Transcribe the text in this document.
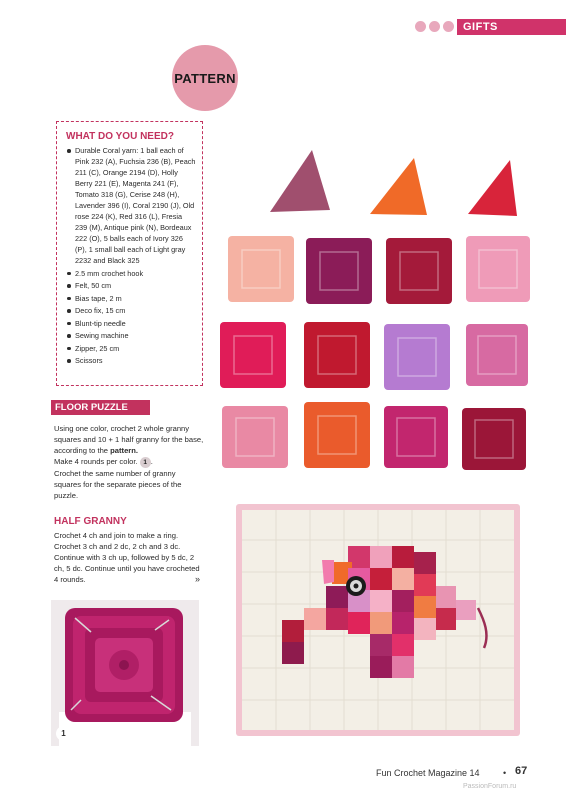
GIFTS
PATTERN
WHAT DO YOU NEED?
Durable Coral yarn: 1 ball each of Pink 232 (A), Fuchsia 236 (B), Peach 211 (C), Orange 2194 (D), Holly Berry 221 (E), Magenta 241 (F), Tomato 318 (G), Cerise 248 (H), Lavender 396 (I), Coral 2190 (J), Old rose 224 (K), Red 316 (L), Fresia 239 (M), Antique pink (N), Bordeaux 222 (O), 5 balls each of Ivory 326 (P), 1 small ball each of Light gray 2232 and Black 325
2.5 mm crochet hook
Felt, 50 cm
Bias tape, 2 m
Deco fix, 15 cm
Blunt-tip needle
Sewing machine
Zipper, 25 cm
Scissors
FLOOR PUZZLE
Using one color, crochet 2 whole granny squares and 10 + 1 half granny for the base, according to the pattern.
Make 4 rounds per color. 1 .
Crochet the same number of granny squares for the separate pieces of the puzzle.
HALF GRANNY
Crochet 4 ch and join to make a ring. Crochet 3 ch and 2 dc, 2 ch and 3 dc. Continue with 3 ch up, followed by 5 dc, 2 ch, 5 dc. Continue until you have crocheted 4 rounds.	»
1
Fun Crochet Magazine 14	• 67
PassionForum.ru
